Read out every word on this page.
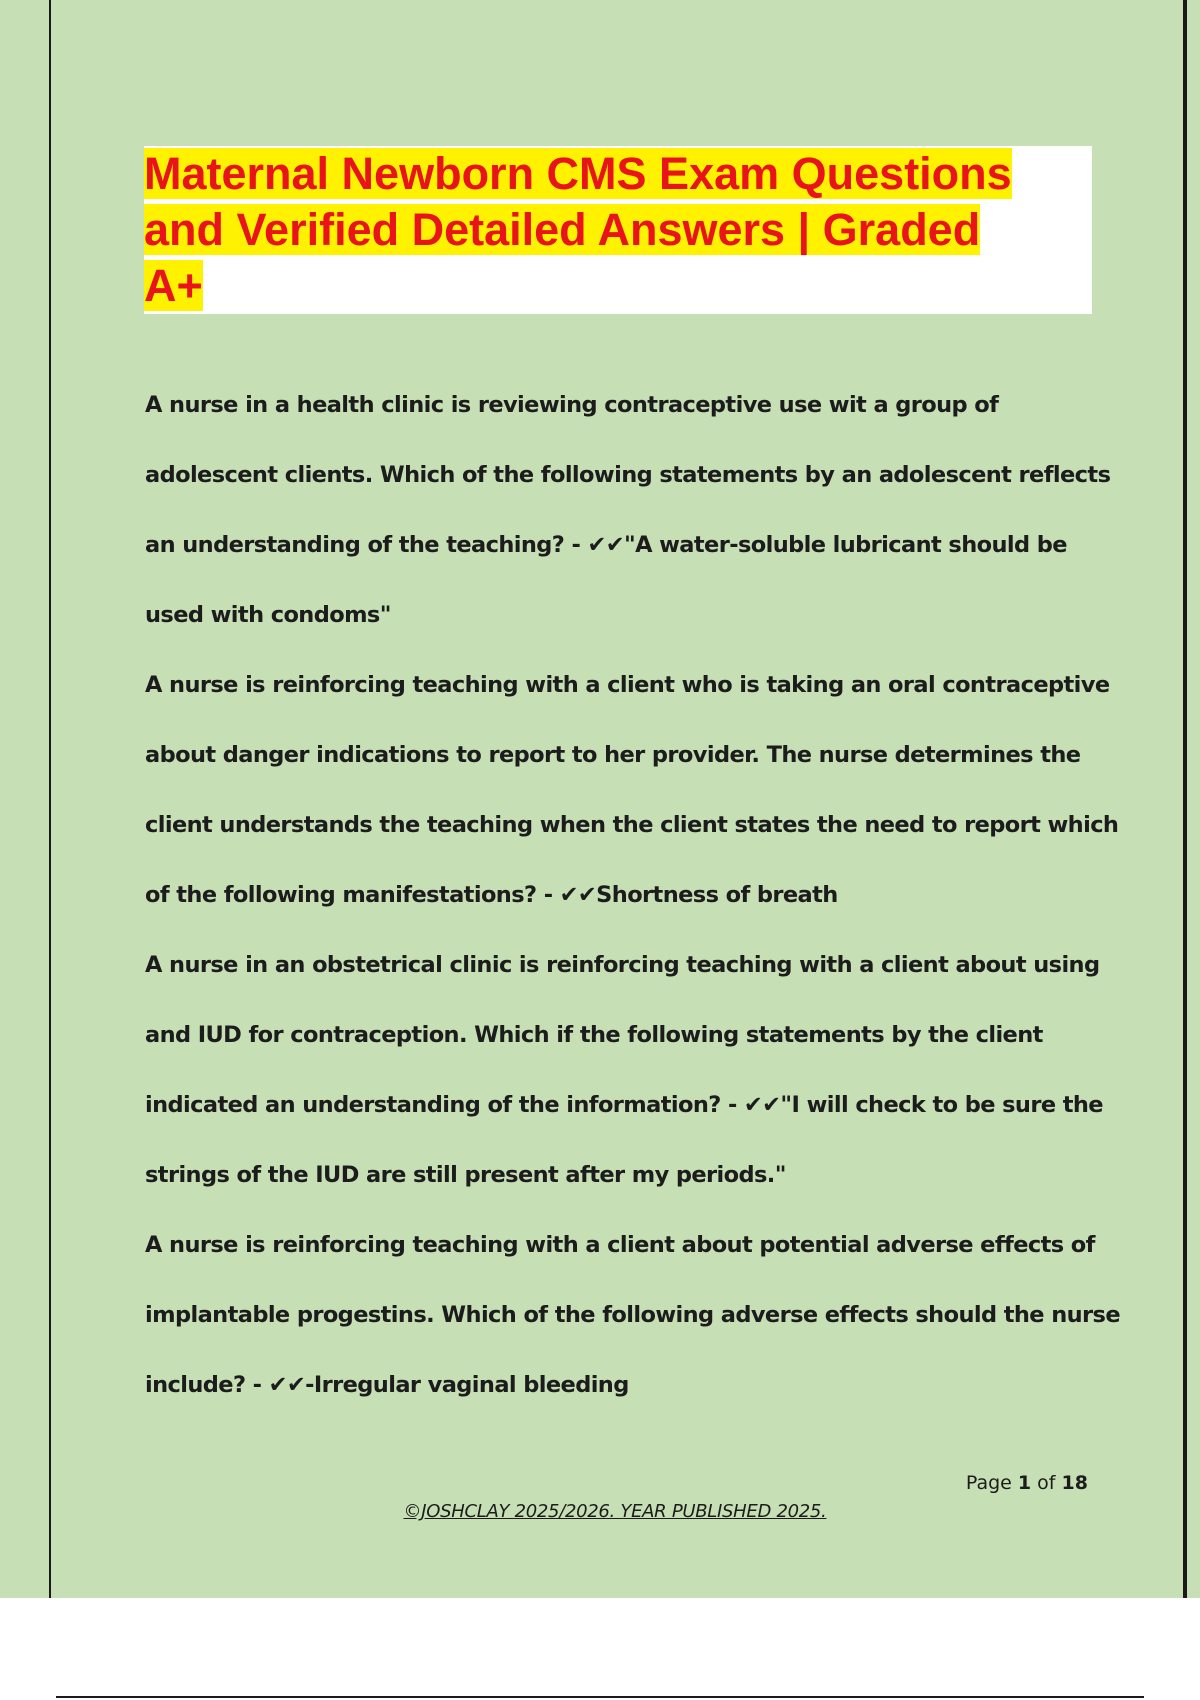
Maternal Newborn CMS Exam Questions
and Verified Detailed Answers | Graded
A+
A nurse in a health clinic is reviewing contraceptive use wit a group of
adolescent clients. Which of the following statements by an adolescent reflects
an understanding of the teaching? - ✔✔"A water-soluble lubricant should be
used with condoms"
A nurse is reinforcing teaching with a client who is taking an oral contraceptive
about danger indications to report to her provider. The nurse determines the
client understands the teaching when the client states the need to report which
of the following manifestations? - ✔✔Shortness of breath
A nurse in an obstetrical clinic is reinforcing teaching with a client about using
and IUD for contraception. Which if the following statements by the client
indicated an understanding of the information? - ✔✔"I will check to be sure the
strings of the IUD are still present after my periods."
A nurse is reinforcing teaching with a client about potential adverse effects of
implantable progestins. Which of the following adverse effects should the nurse
include? - ✔✔-Irregular vaginal bleeding
Page 1 of 18
©JOSHCLAY 2025/2026. YEAR PUBLISHED 2025.
